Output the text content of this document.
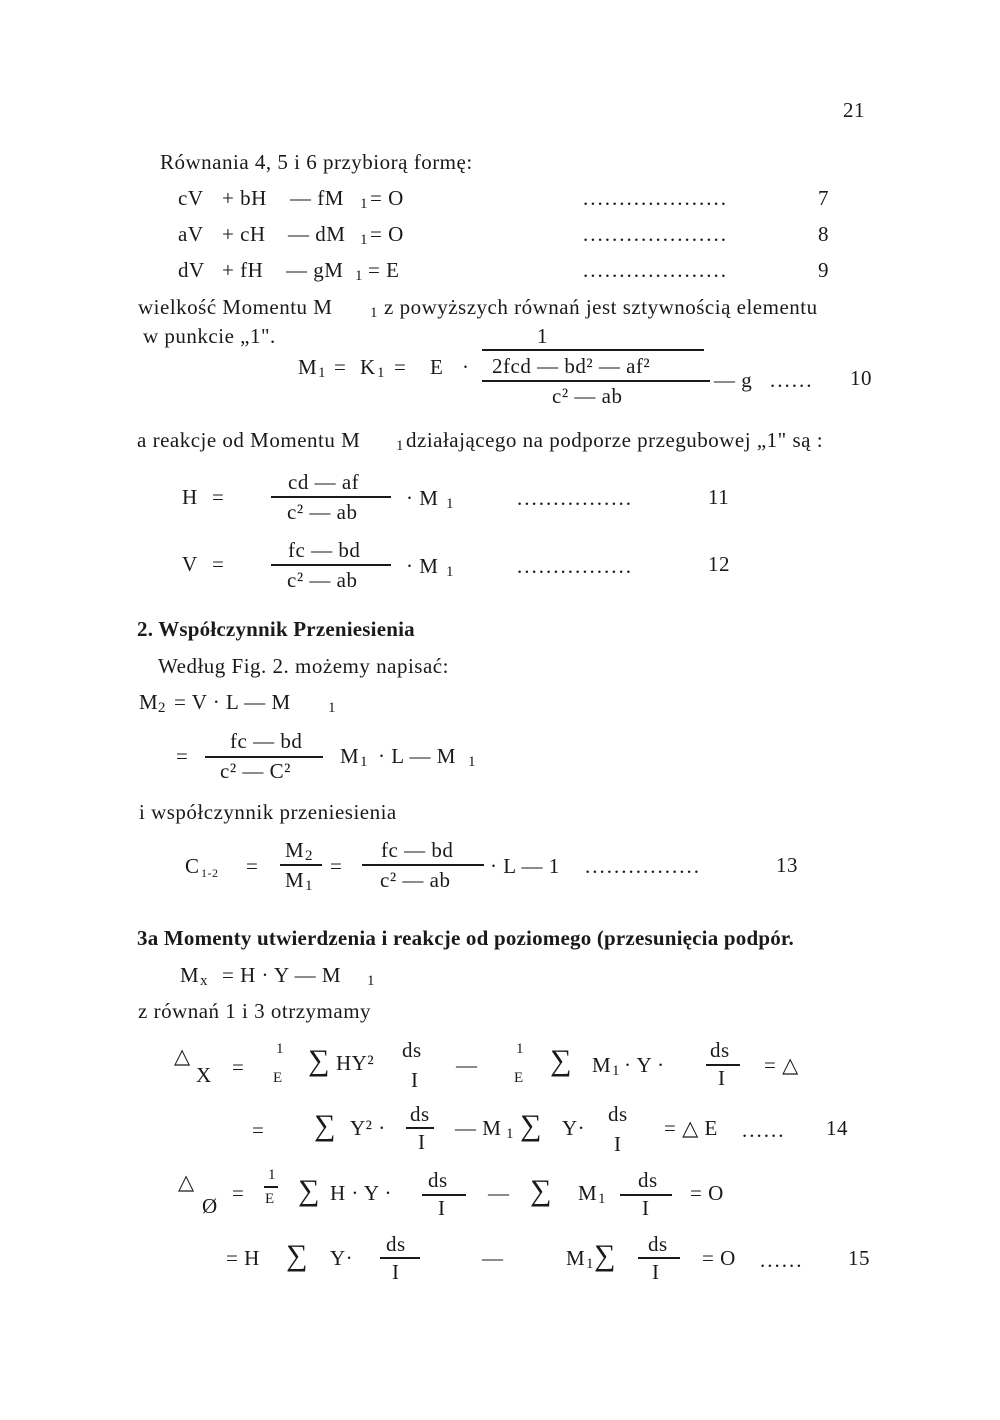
21
Równania 4, 5 i 6 przybiorą formę:
cV + bH — fM 1 = O	....................	7
aV + cH — dM 1 = O	....................	8
dV + fH — gM 1 = E	....................	9
wielkość Momentu M	1 z powyższych równań jest sztywnością elementu
w punkcie „1".
M 1 = K 1 = E ·
1
2fcd — bd² — af²
c² — ab
— g ...... 10
a reakcje od Momentu M 1 działającego na podporze przegubowej „1" są :
H =
cd — af
c² — ab
· M 1	................	11
V =
fc — bd
c² — ab
· M 1	................	12
2. Współczynnik Przeniesienia
Według Fig. 2. możemy napisać:
M 2 = V · L — M 1
=
fc — bd
c² — C²
M 1 · L — M 1
i współczynnik przeniesienia
C 1-2 =
M 2
M 1
=
fc — bd
c² — ab
· L — 1 ................	13
3a Momenty utwierdzenia i reakcje od poziomego (przesunięcia podpór.
M x = H · Y — M 1
z równań 1 i 3 otrzymamy
△
X =
1
E
∑ HY²
ds
I
—
1
E
∑ M 1 · Y ·
ds
I
= △
= ∑ Y² ·
ds
I
— M 1 ∑ Y·
ds
I
= △ E ...... 14
△
Ø
=
1
E ∑ H · Y ·
ds
I
— ∑ M 1
ds
I
= O
= H ∑ Y·
ds
I
—	M 1 ∑ ds
I
= O ...... 15
